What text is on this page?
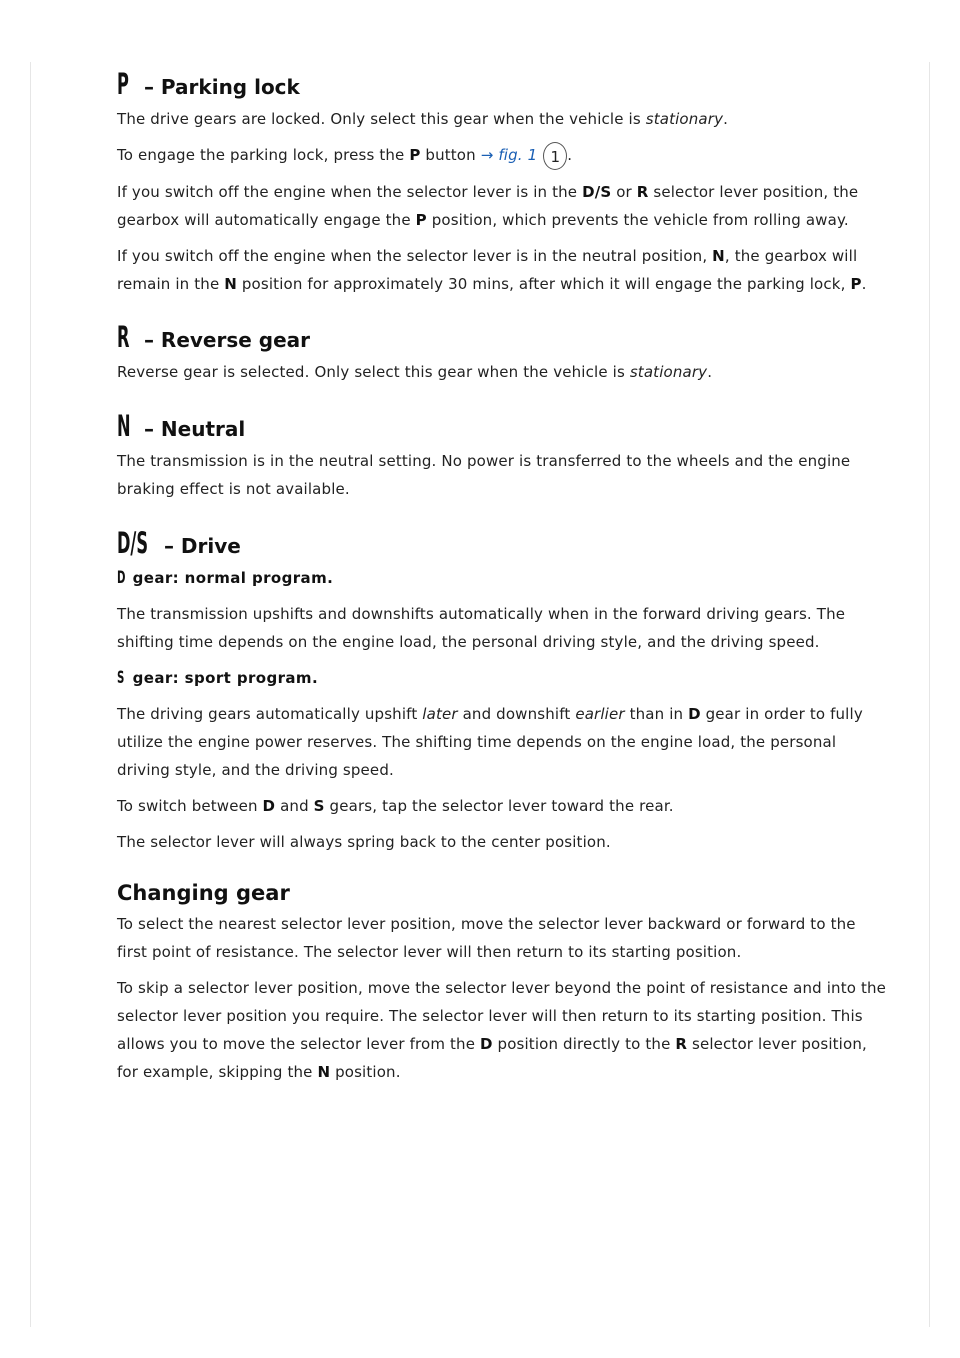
P – Parking lock

The drive gears are locked. Only select this gear when the vehicle is stationary.

To engage the parking lock, press the P button → fig. 1 1 .

If you switch off the engine when the selector lever is in the D/S or R selector lever position, the gearbox will automatically engage the P position, which prevents the vehicle from rolling away.

If you switch off the engine when the selector lever is in the neutral position, N, the gearbox will remain in the N position for approximately 30 mins, after which it will engage the parking lock, P.

R – Reverse gear

Reverse gear is selected. Only select this gear when the vehicle is stationary.

N – Neutral

The transmission is in the neutral setting. No power is transferred to the wheels and the engine braking effect is not available.

D/S – Drive
D gear: normal program.

The transmission upshifts and downshifts automatically when in the forward driving gears. The shifting time depends on the engine load, the personal driving style, and the driving speed.

S gear: sport program.

The driving gears automatically upshift later and downshift earlier than in D gear in order to fully utilize the engine power reserves. The shifting time depends on the engine load, the personal driving style, and the driving speed.

To switch between D and S gears, tap the selector lever toward the rear.

The selector lever will always spring back to the center position.

Changing gear

To select the nearest selector lever position, move the selector lever backward or forward to the first point of resistance. The selector lever will then return to its starting position.

To skip a selector lever position, move the selector lever beyond the point of resistance and into the selector lever position you require. The selector lever will then return to its starting position. This allows you to move the selector lever from the D position directly to the R selector lever position, for example, skipping the N position.
